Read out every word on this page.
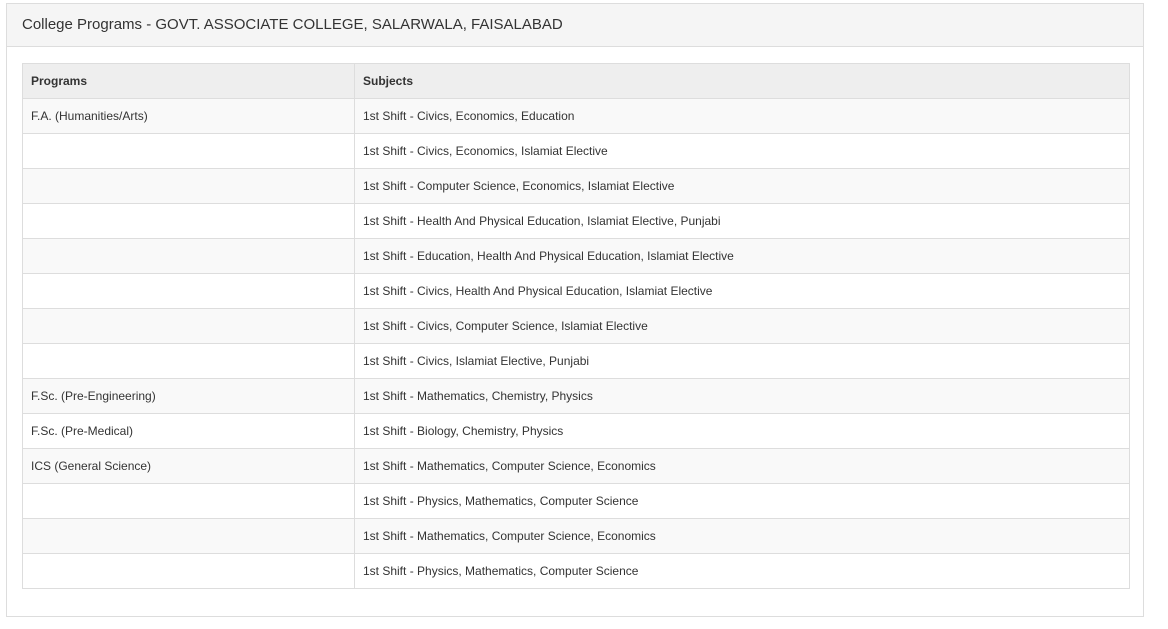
College Programs - GOVT. ASSOCIATE COLLEGE, SALARWALA, FAISALABAD
Programs	Subjects
F.A. (Humanities/Arts)	1st Shift - Civics, Economics, Education
	1st Shift - Civics, Economics, Islamiat Elective
	1st Shift - Computer Science, Economics, Islamiat Elective
	1st Shift - Health And Physical Education, Islamiat Elective, Punjabi
	1st Shift - Education, Health And Physical Education, Islamiat Elective
	1st Shift - Civics, Health And Physical Education, Islamiat Elective
	1st Shift - Civics, Computer Science, Islamiat Elective
	1st Shift - Civics, Islamiat Elective, Punjabi
F.Sc. (Pre-Engineering)	1st Shift - Mathematics, Chemistry, Physics
F.Sc. (Pre-Medical)	1st Shift - Biology, Chemistry, Physics
ICS (General Science)	1st Shift - Mathematics, Computer Science, Economics
	1st Shift - Physics, Mathematics, Computer Science
	1st Shift - Mathematics, Computer Science, Economics
	1st Shift - Physics, Mathematics, Computer Science
